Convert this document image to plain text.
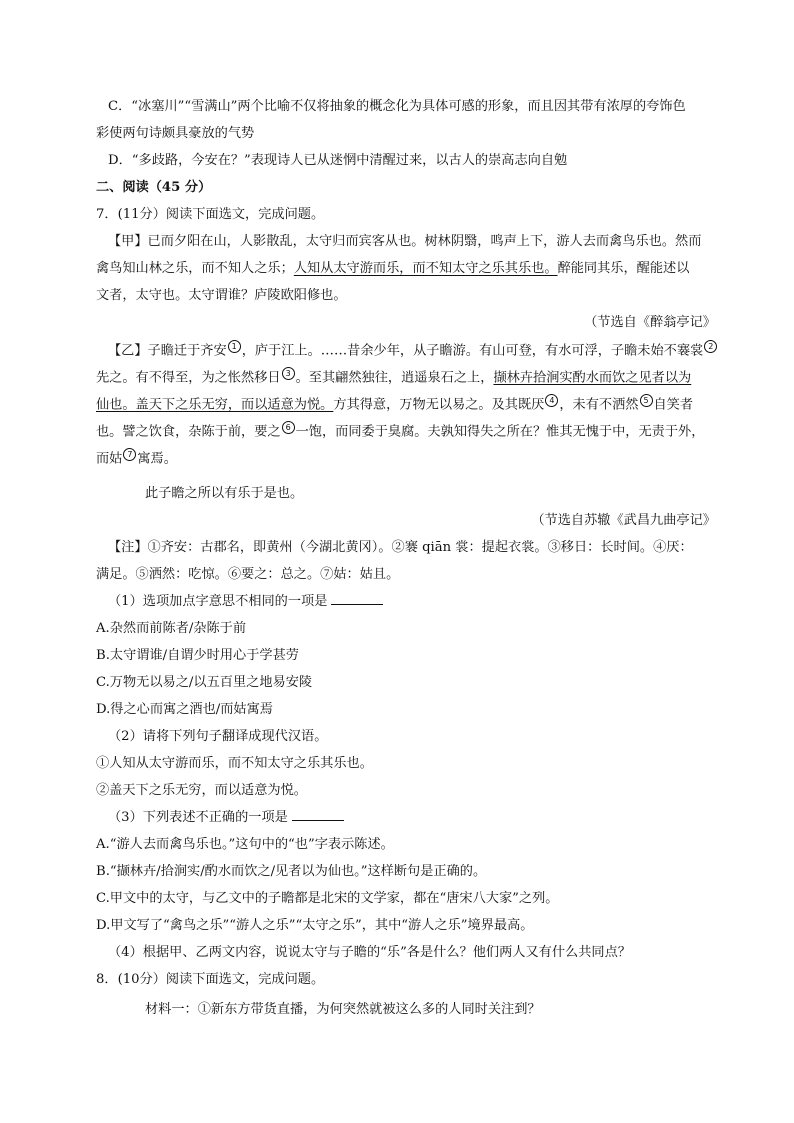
C．“冰塞川”“雪满山”两个比喻不仅将抽象的概念化为具体可感的形象，而且因其带有浓厚的夸饰色
彩使两句诗颇具豪放的气势
D．“多歧路，今安在？”表现诗人已从迷惘中清醒过来，以古人的崇高志向自勉
二、阅读（45 分）
7．(11分）阅读下面选文，完成问题。
【甲】已而夕阳在山，人影散乱，太守归而宾客从也。树林阴翳，鸣声上下，游人去而禽鸟乐也。然而
禽鸟知山林之乐，而不知人之乐；人知从太守游而乐，而不知太守之乐其乐也。醉能同其乐，醒能述以
文者，太守也。太守谓谁？庐陵欧阳修也。
（节选自《醉翁亭记》
【乙】子瞻迁于齐安 1 ，庐于江上。……昔余少年，从子瞻游。有山可登，有水可浮，子瞻未始不褰裳 2
先之。有不得至，为之怅然移日 3 。至其翩然独往，逍遥泉石之上，撷林卉拾涧实酌水而饮之见者以为
仙也。盖天下之乐无穷，而以适意为悦。方其得意，万物无以易之。及其既厌 4 ，未有不洒然 5 自笑者
也。譬之饮食，杂陈于前，要之 6 一饱，而同委于臭腐。夫孰知得失之所在？惟其无愧于中，无责于外，
而姑 7 寓焉。
此子瞻之所以有乐于是也。
（节选自苏辙《武昌九曲亭记》
【注】①齐安：古郡名，即黄州（今湖北黄冈）。②褰 qiān 裳：提起衣裳。③移日：长时间。④厌：
满足。⑤洒然：吃惊。⑥要之：总之。⑦姑：姑且。
（1）选项加点字意思不相同的一项是
A.杂然而前陈者/杂陈于前
B.太守谓谁/自谓少时用心于学甚劳
C.万物无以易之/以五百里之地易安陵
D.得之心而寓之酒也/而姑寓焉
（2）请将下列句子翻译成现代汉语。
①人知从太守游而乐，而不知太守之乐其乐也。
②盖天下之乐无穷，而以适意为悦。
（3）下列表述不正确的一项是
A.“游人去而禽鸟乐也。”这句中的“也”字表示陈述。
B.“撷林卉/拾涧实/酌水而饮之/见者以为仙也。”这样断句是正确的。
C.甲文中的太守，与乙文中的子瞻都是北宋的文学家，都在“唐宋八大家”之列。
D.甲文写了“禽鸟之乐”“游人之乐”“太守之乐”，其中“游人之乐”境界最高。
（4）根据甲、乙两文内容，说说太守与子瞻的“乐”各是什么？他们两人又有什么共同点？
8．(10分）阅读下面选文，完成问题。
材料一：①新东方带货直播，为何突然就被这么多的人同时关注到？
